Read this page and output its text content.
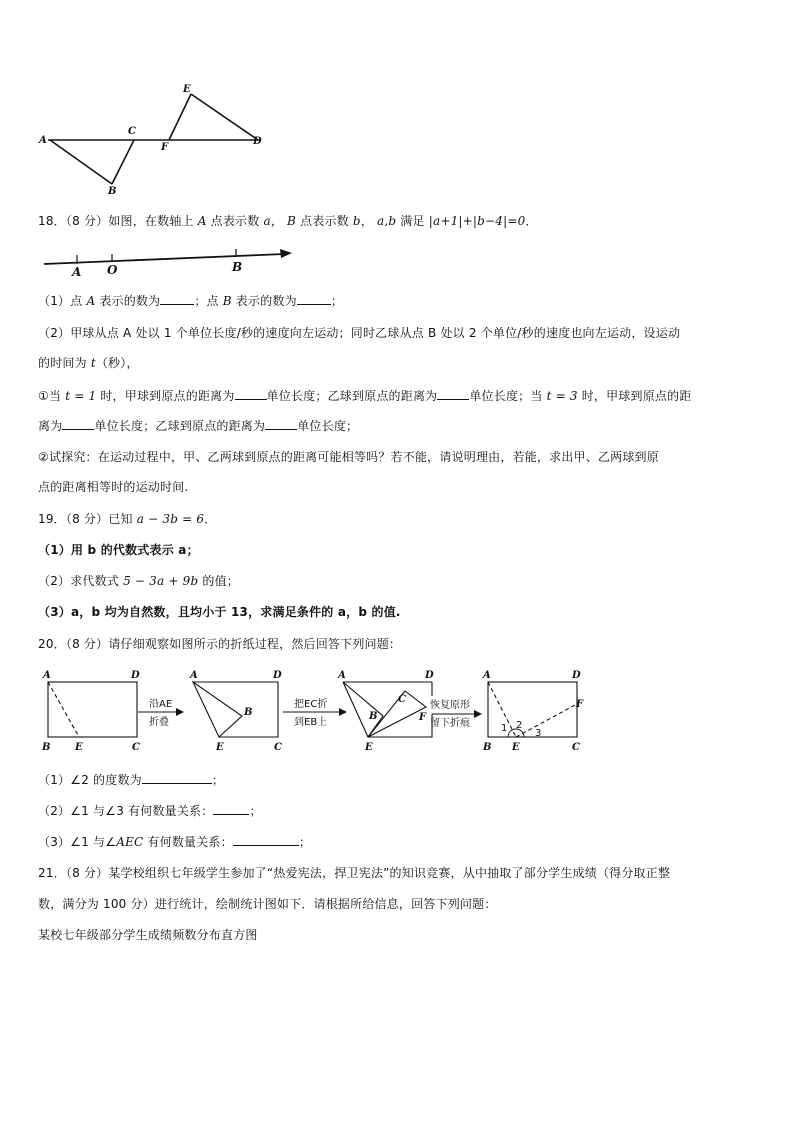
A
B
C
D
E
F
18．（8 分）如图，在数轴上 A 点表示数 a， B 点表示数 b， a,b 满足 |a+1|+|b−4|=0．
A O	B
（1）点 A 表示的数为	；点 B 表示的数为	；
（2）甲球从点 A 处以 1 个单位长度/秒的速度向左运动；同时乙球从点 B 处以 2 个单位/秒的速度也向左运动，设运动
的时间为 t（秒），
①当 t = 1 时，甲球到原点的距离为	单位长度；乙球到原点的距离为	单位长度；当 t = 3 时，甲球到原点的距
离为	单位长度；乙球到原点的距离为	单位长度；
②试探究：在运动过程中，甲、乙两球到原点的距离可能相等吗？若不能，请说明理由，若能，求出甲、乙两球到原
点的距离相等时的运动时间.
19．（8 分）已知 a − 3b = 6．
（1）用 b 的代数式表示 a；
（2）求代数式 5 − 3a + 9b 的值；
（3）a，b 均为自然数，且均小于 13，求满足条件的 a，b 的值.
20．（8 分）请仔细观察如图所示的折纸过程，然后回答下列问题：
A	D
B E	C
沿AE
折叠
A	D
B
E	C
把EC折
到EB上
A	D
B
C
F
E
恢复原形
留下折痕
A	D
F
B E	C
1 2
3
（1）∠2 的度数为	；
（2）∠1 与∠3 有何数量关系：	；
（3）∠1 与∠AEC 有何数量关系：	；
21．（8 分）某学校组织七年级学生参加了“热爱宪法，捍卫宪法”的知识竞赛，从中抽取了部分学生成绩（得分取正整
数，满分为 100 分）进行统计，绘制统计图如下．请根据所给信息，回答下列问题：
某校七年级部分学生成绩频数分布直方图
